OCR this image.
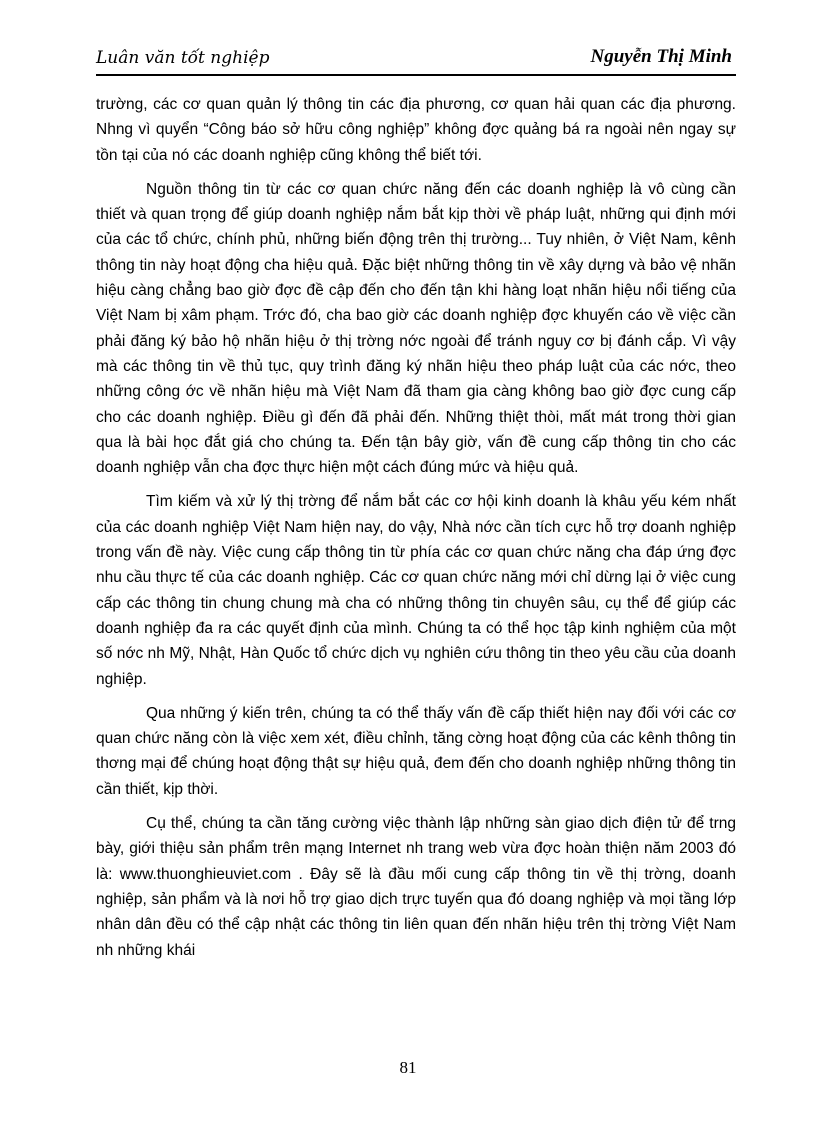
Luân văn tốt nghiệp	Nguyễn Thị Minh

trường, các cơ quan quản lý thông tin các địa phương, cơ quan hải quan các địa phương. Nhng vì quyển “Công báo sở hữu công nghiệp” không đợc quảng bá ra ngoài nên ngay sự tồn tại của nó các doanh nghiệp cũng không thể biết tới.

Nguồn thông tin từ các cơ quan chức năng đến các doanh nghiệp là vô cùng cần thiết và quan trọng để giúp doanh nghiệp nắm bắt kịp thời về pháp luật, những qui định mới của các tổ chức, chính phủ, những biến động trên thị trường... Tuy nhiên, ở Việt Nam, kênh thông tin này hoạt động cha hiệu quả. Đặc biệt những thông tin về xây dựng và bảo vệ nhãn hiệu càng chẳng bao giờ đợc đề cập đến cho đến tận khi hàng loạt nhãn hiệu nổi tiếng của Việt Nam bị xâm phạm. Trớc đó, cha bao giờ các doanh nghiệp đợc khuyến cáo về việc cần phải đăng ký bảo hộ nhãn hiệu ở thị trờng nớc ngoài để tránh nguy cơ bị đánh cắp. Vì vậy mà các thông tin về thủ tục, quy trình đăng ký nhãn hiệu theo pháp luật của các nớc, theo những công ớc về nhãn hiệu mà Việt Nam đã tham gia càng không bao giờ đợc cung cấp cho các doanh nghiệp. Điều gì đến đã phải đến. Những thiệt thòi, mất mát trong thời gian qua là bài học đắt giá cho chúng ta. Đến tận bây giờ, vấn đề cung cấp thông tin cho các doanh nghiệp vẫn cha đợc thực hiện một cách đúng mức và hiệu quả.

Tìm kiếm và xử lý thị trờng để nắm bắt các cơ hội kinh doanh là khâu yếu kém nhất của các doanh nghiệp Việt Nam hiện nay, do vậy, Nhà nớc cần tích cực hỗ trợ doanh nghiệp trong vấn đề này. Việc cung cấp thông tin từ phía các cơ quan chức năng cha đáp ứng đợc nhu cầu thực tế của các doanh nghiệp. Các cơ quan chức năng mới chỉ dừng lại ở việc cung cấp các thông tin chung chung mà cha có những thông tin chuyên sâu, cụ thể để giúp các doanh nghiệp đa ra các quyết định của mình. Chúng ta có thể học tập kinh nghiệm của một số nớc nh Mỹ, Nhật, Hàn Quốc tổ chức dịch vụ nghiên cứu thông tin theo yêu cầu của doanh nghiệp.

Qua những ý kiến trên, chúng ta có thể thấy vấn đề cấp thiết hiện nay đối với các cơ quan chức năng còn là việc xem xét, điều chỉnh, tăng cờng hoạt động của các kênh thông tin thơng mại để chúng hoạt động thật sự hiệu quả, đem đến cho doanh nghiệp những thông tin cần thiết, kịp thời.

Cụ thể, chúng ta cần tăng cường việc thành lập những sàn giao dịch điện tử để trng bày, giới thiệu sản phẩm trên mạng Internet nh trang web vừa đợc hoàn thiện năm 2003 đó là: www.thuonghieuviet.com . Đây sẽ là đầu mối cung cấp thông tin về thị trờng, doanh nghiệp, sản phẩm và là nơi hỗ trợ giao dịch trực tuyến qua đó doang nghiệp và mọi tầng lớp nhân dân đều có thể cập nhật các thông tin liên quan đến nhãn hiệu trên thị trờng Việt Nam nh những khái

81
